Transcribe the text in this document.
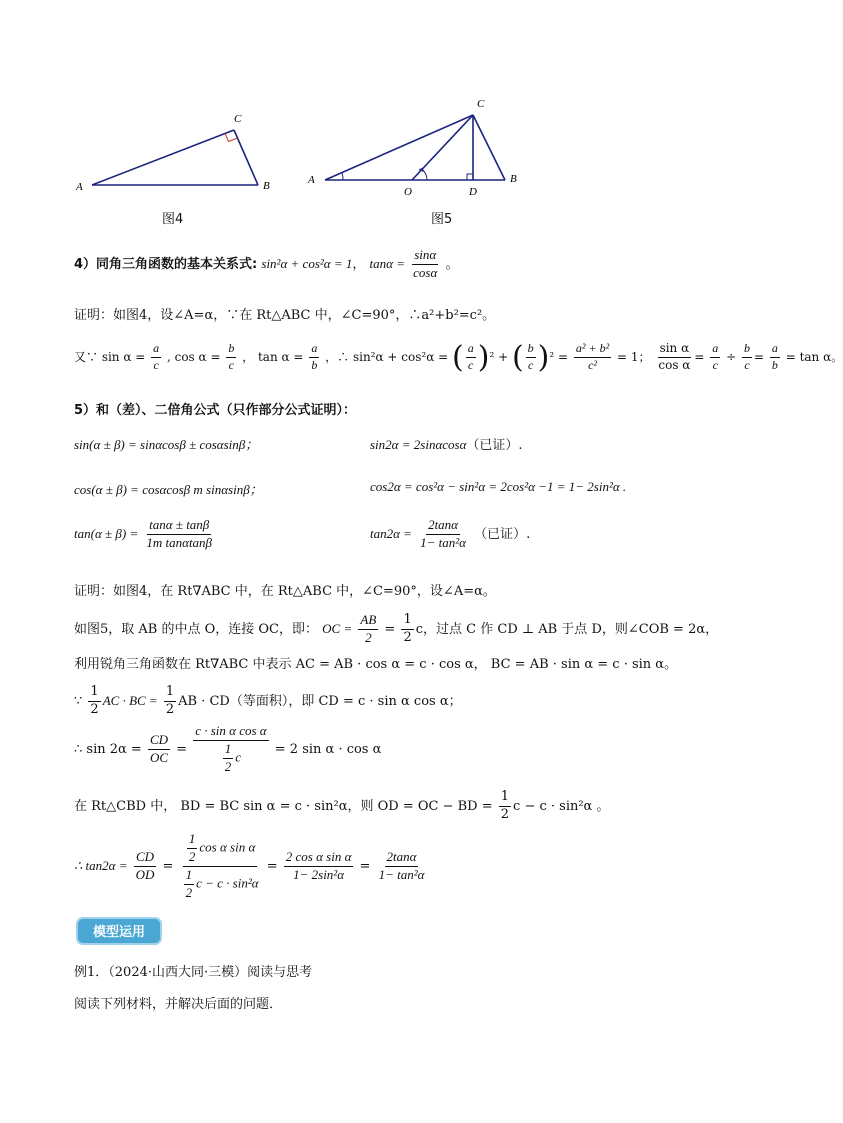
A	B
C
图4
A	B
C
O	D
图5
4）同角三角函数的基本关系式: sin²α + cos²α = 1， $\tan\alpha = \frac{\sin\alpha}{\cos\alpha}$ 。
证明：如图4，设∠A=α，∵在 Rt△ABC 中，∠C=90°，∴a²+b²=c²。
又∵ $\sin \alpha = \frac{a}{c}$ , $\cos \alpha = \frac{b}{c}$ ， $\tan \alpha = \frac{a}{b}$ ，∴ sin²α + cos²α = ( $\frac{a}{c} )^2$ + ( $\frac{b}{c} )^2 = \frac{\text{a² + b²}}{\text{c²}} = 1$； $\frac{\text{sin α}}{\text{cos α}} = \frac{a}{c} \div \frac{b}{c} = \frac{a}{b} = \tan \alpha$。
5）和（差）、二倍角公式（只作部分公式证明）：
sin(α ± β) = sinαcosβ ± cosαsinβ；	sin2α = 2sinαcosα（已证）.
cos(α ± β) = cosαcosβ m sinαsinβ；	cos2α = cos²α − sin²α = 2cos²α −1 = 1− 2sin²α .
$\tan(\alpha \pm \beta) = \frac{\tan\alpha \pm \tan\beta}{\text{1m tanαtanβ}}$	$\tan 2\alpha = \frac{2\tan\alpha}{\text{1− tan²α}}$ （已证）.
证明：如图4，在 Rt∇ABC 中，在 Rt△ABC 中，∠C=90°，设∠A=α。
如图5，取 AB 的中点 O，连接 OC，即： OC = $\frac{AB}{2} = \frac{1}{2}$ c，过点 C 作 CD ⊥ AB 于点 D，则∠COB = 2α，
利用锐角三角函数在 Rt∇ABC 中表示 AC = AB · cos α = c · cos α， BC = AB · sin α = c · sin α。
∵ $\frac{1}{2}$ AC · BC = $\frac{1}{2}$ AB · CD（等面积），即 CD = c · sin α cos α；
∴ $\sin 2\alpha = \frac{CD}{OC} = \frac{\text{c · sin α cos α}}{\frac{1}{2} c} = 2$ sin α · cos α
在 Rt△CBD 中， BD = BC sin α = c · sin²α，则 OD = OC − BD = $\frac{1}{2}$ c − c · sin²α 。
∴ $\tan 2\alpha = \frac{CD}{OD} = \frac{\frac{1}{2} \cos \alpha \sin \alpha}{\frac{1}{2} c - c \cdot \sin^2\alpha} = \frac{\text{2 cos α sin α}}{\text{1− 2sin²α}} = \frac{2\tan\alpha}{\text{1− tan²α}}$
模型运用
例1．（2024·山西大同·三模）阅读与思考
阅读下列材料，并解决后面的问题．
